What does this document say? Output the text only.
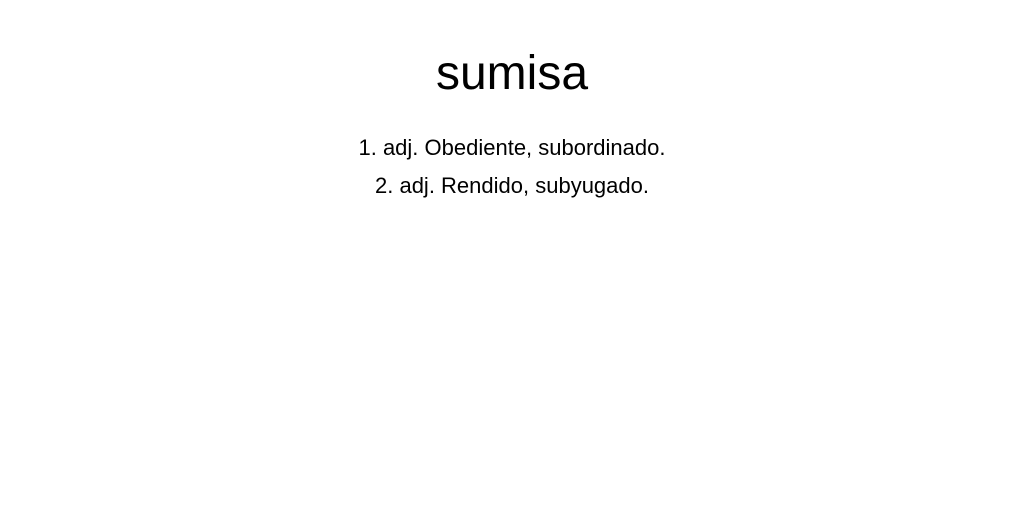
sumisa
1. adj. Obediente, subordinado.
2. adj. Rendido, subyugado.
